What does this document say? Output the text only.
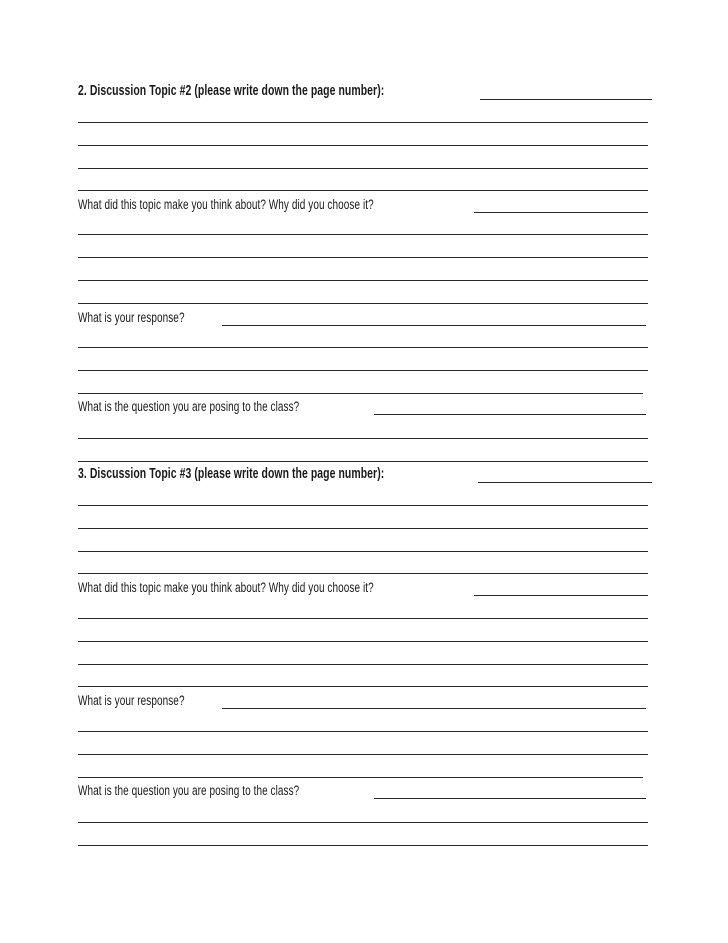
2. Discussion Topic #2 (please write down the page number):
What did this topic make you think about? Why did you choose it?
What is your response?
What is the question you are posing to the class?
3. Discussion Topic #3 (please write down the page number):
What did this topic make you think about? Why did you choose it?
What is your response?
What is the question you are posing to the class?
